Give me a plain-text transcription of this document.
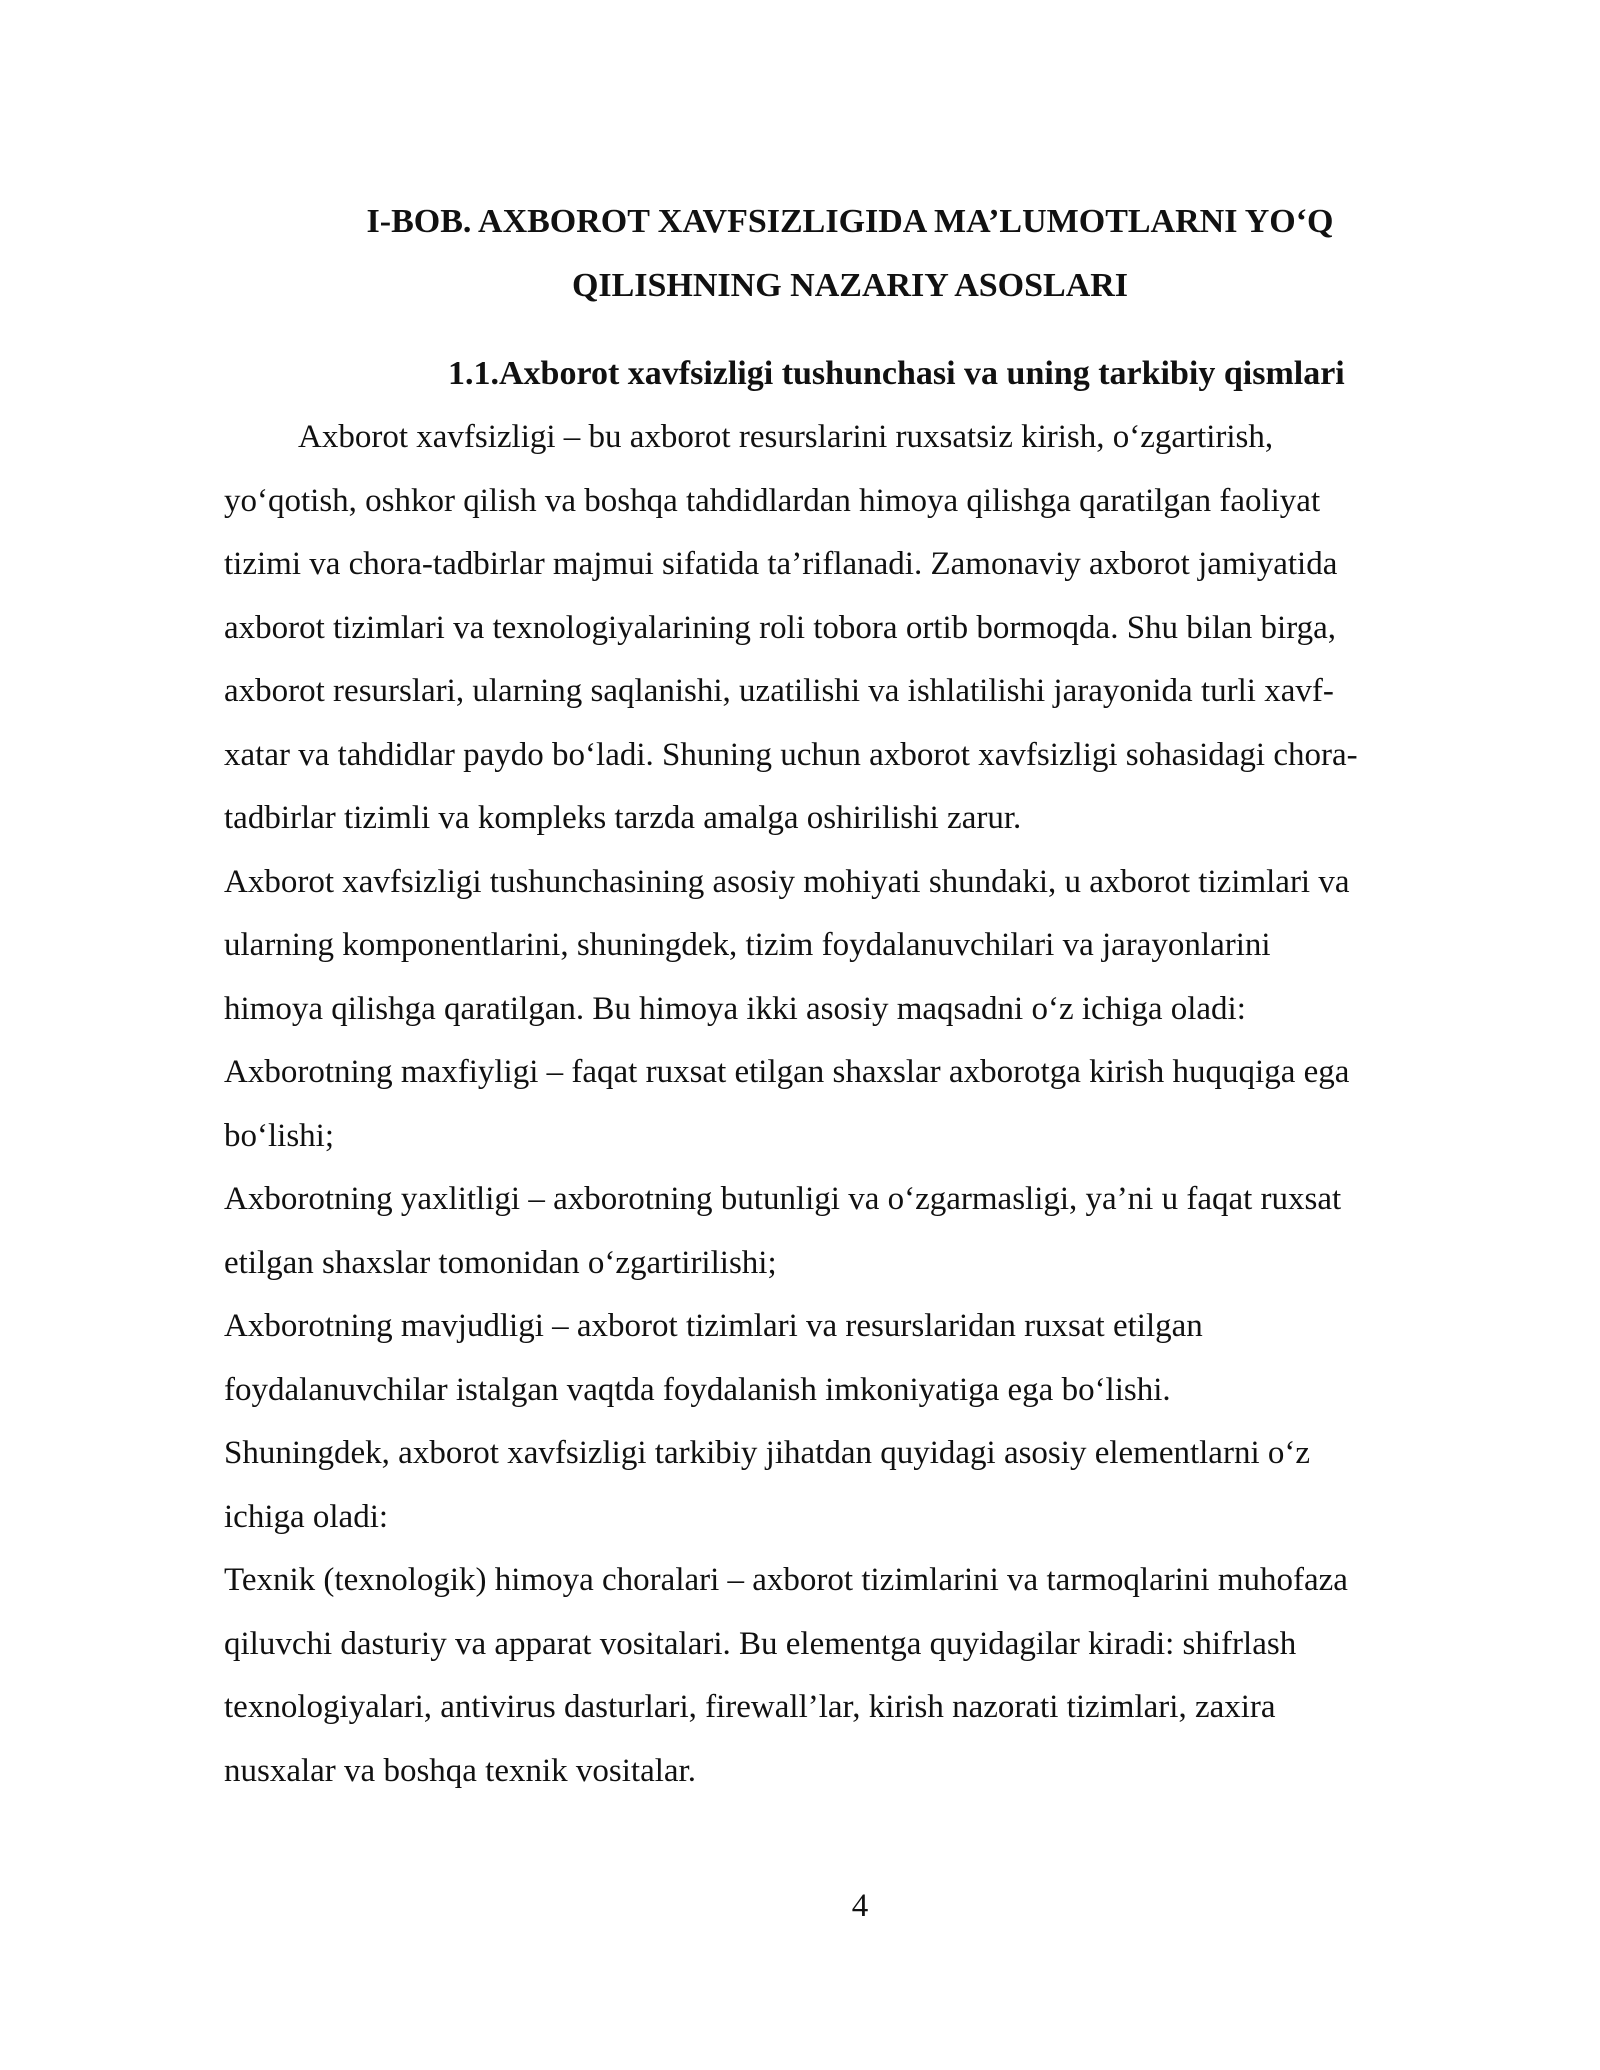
I-BOB. AXBOROT XAVFSIZLIGIDA MA’LUMOTLARNI YO‘Q
QILISHNING NAZARIY ASOSLARI
1.1.Axborot xavfsizligi tushunchasi va uning tarkibiy qismlari
Axborot xavfsizligi – bu axborot resurslarini ruxsatsiz kirish, o‘zgartirish,
yo‘qotish, oshkor qilish va boshqa tahdidlardan himoya qilishga qaratilgan faoliyat
tizimi va chora-tadbirlar majmui sifatida ta’riflanadi. Zamonaviy axborot jamiyatida
axborot tizimlari va texnologiyalarining roli tobora ortib bormoqda. Shu bilan birga,
axborot resurslari, ularning saqlanishi, uzatilishi va ishlatilishi jarayonida turli xavf-
xatar va tahdidlar paydo bo‘ladi. Shuning uchun axborot xavfsizligi sohasidagi chora-
tadbirlar tizimli va kompleks tarzda amalga oshirilishi zarur.
Axborot xavfsizligi tushunchasining asosiy mohiyati shundaki, u axborot tizimlari va
ularning komponentlarini, shuningdek, tizim foydalanuvchilari va jarayonlarini
himoya qilishga qaratilgan. Bu himoya ikki asosiy maqsadni o‘z ichiga oladi:
Axborotning maxfiyligi – faqat ruxsat etilgan shaxslar axborotga kirish huquqiga ega
bo‘lishi;
Axborotning yaxlitligi – axborotning butunligi va o‘zgarmasligi, ya’ni u faqat ruxsat
etilgan shaxslar tomonidan o‘zgartirilishi;
Axborotning mavjudligi – axborot tizimlari va resurslaridan ruxsat etilgan
foydalanuvchilar istalgan vaqtda foydalanish imkoniyatiga ega bo‘lishi.
Shuningdek, axborot xavfsizligi tarkibiy jihatdan quyidagi asosiy elementlarni o‘z
ichiga oladi:
Texnik (texnologik) himoya choralari – axborot tizimlarini va tarmoqlarini muhofaza
qiluvchi dasturiy va apparat vositalari. Bu elementga quyidagilar kiradi: shifrlash
texnologiyalari, antivirus dasturlari, firewall’lar, kirish nazorati tizimlari, zaxira
nusxalar va boshqa texnik vositalar.
4
